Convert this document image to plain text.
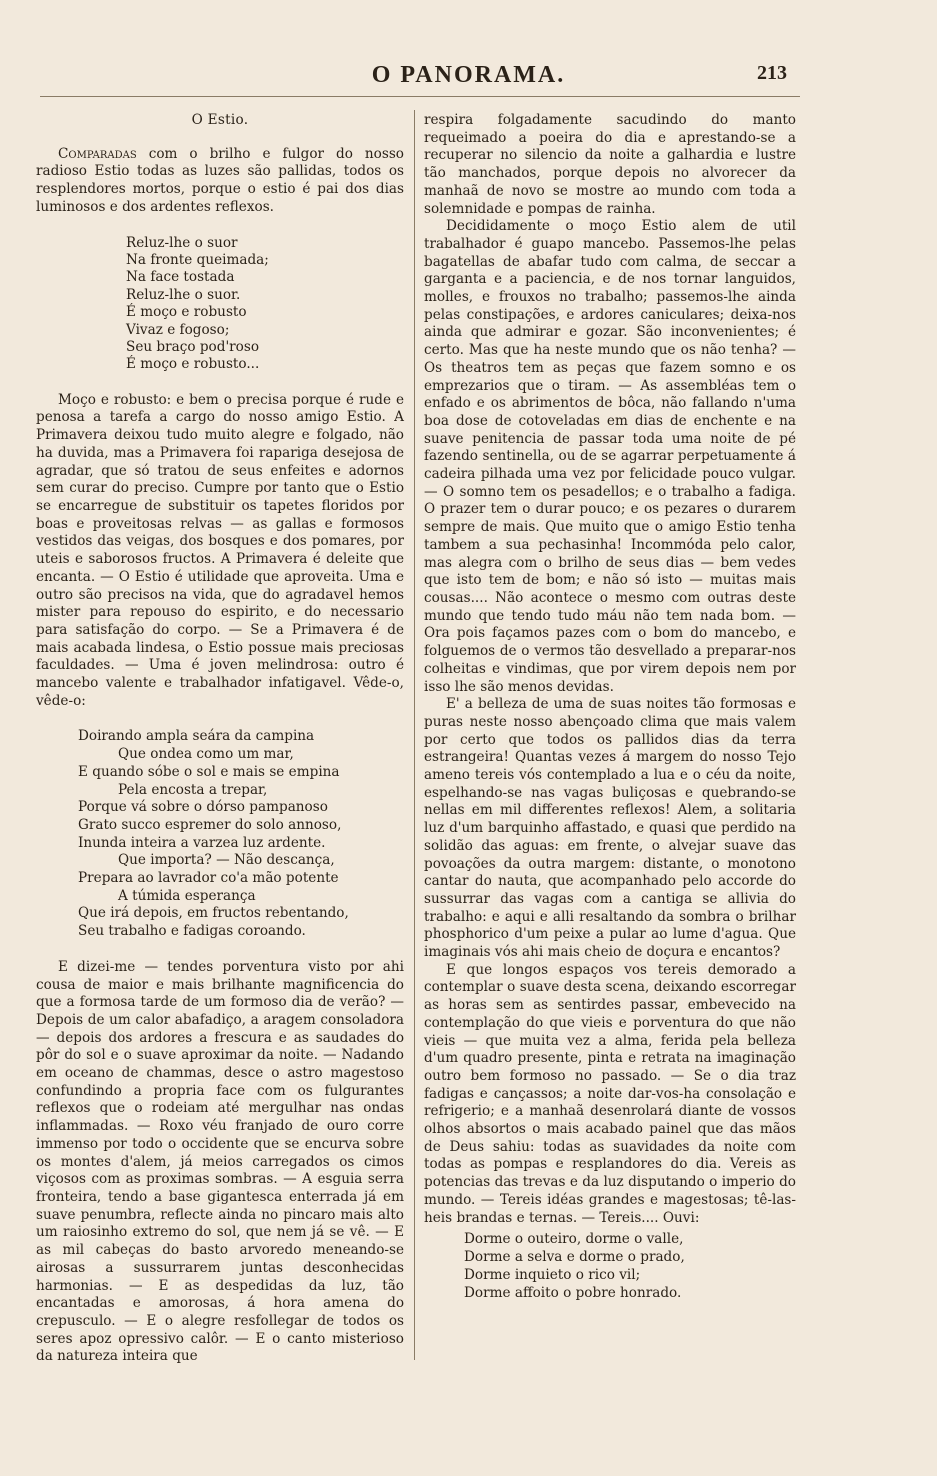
O PANORAMA.	213

O Estio.

Comparadas com o brilho e fulgor do nosso radioso Estio todas as luzes são pallidas, todos os resplendores mortos, porque o estio é pai dos dias luminosos e dos ardentes reflexos.

Reluz-lhe o suor
Na fronte queimada;
Na face tostada
Reluz-lhe o suor.
É moço e robusto
Vivaz e fogoso;
Seu braço pod'roso
É moço e robusto...

Moço e robusto: e bem o precisa porque é rude e penosa a tarefa a cargo do nosso amigo Estio. A Primavera deixou tudo muito alegre e folgado, não ha duvida, mas a Primavera foi rapariga desejosa de agradar, que só tratou de seus enfeites e adornos sem curar do preciso. Cumpre por tanto que o Estio se encarregue de substituir os tapetes floridos por boas e proveitosas relvas — as gallas e formosos vestidos das veigas, dos bosques e dos pomares, por uteis e saborosos fructos. A Primavera é deleite que encanta. — O Estio é utilidade que aproveita. Uma e outro são precisos na vida, que do agradavel hemos mister para repouso do espirito, e do necessario para satisfação do corpo. — Se a Primavera é de mais acabada lindesa, o Estio possue mais preciosas faculdades. — Uma é joven melindrosa: outro é mancebo valente e trabalhador infatigavel. Vêde-o, vêde-o:

Doirando ampla seára da campina
Que ondea como um mar,
E quando sóbe o sol e mais se empina
Pela encosta a trepar,
Porque vá sobre o dórso pampanoso
Grato succo espremer do solo annoso,
Inunda inteira a varzea luz ardente.
Que importa? — Não descança,
Prepara ao lavrador co'a mão potente
A túmida esperança
Que irá depois, em fructos rebentando,
Seu trabalho e fadigas coroando.

E dizei-me — tendes porventura visto por ahi cousa de maior e mais brilhante magnificencia do que a formosa tarde de um formoso dia de verão? — Depois de um calor abafadiço, a aragem consoladora — depois dos ardores a frescura e as saudades do pôr do sol e o suave aproximar da noite. — Nadando em oceano de chammas, desce o astro magestoso confundindo a propria face com os fulgurantes reflexos que o rodeiam até mergulhar nas ondas inflammadas. — Roxo véu franjado de ouro corre immenso por todo o occidente que se encurva sobre os montes d'alem, já meios carregados os cimos viçosos com as proximas sombras. — A esguia serra fronteira, tendo a base gigantesca enterrada já em suave penumbra, reflecte ainda no pincaro mais alto um raiosinho extremo do sol, que nem já se vê. — E as mil cabeças do basto arvoredo meneando-se airosas a sussurrarem juntas desconhecidas harmonias. — E as despedidas da luz, tão encantadas e amorosas, á hora amena do crepusculo. — E o alegre resfollegar de todos os seres apoz opressivo calôr. — E o canto misterioso da natureza inteira que

respira folgadamente sacudindo do manto requeimado a poeira do dia e aprestando-se a recuperar no silencio da noite a galhardia e lustre tão manchados, porque depois no alvorecer da manhaã de novo se mostre ao mundo com toda a solemnidade e pompas de rainha.

Decididamente o moço Estio alem de util trabalhador é guapo mancebo. Passemos-lhe pelas bagatellas de abafar tudo com calma, de seccar a garganta e a paciencia, e de nos tornar languidos, molles, e frouxos no trabalho; passemos-lhe ainda pelas constipações, e ardores caniculares; deixa-nos ainda que admirar e gozar. São inconvenientes; é certo. Mas que ha neste mundo que os não tenha? — Os theatros tem as peças que fazem somno e os emprezarios que o tiram. — As assembléas tem o enfado e os abrimentos de bôca, não fallando n'uma boa dose de cotoveladas em dias de enchente e na suave penitencia de passar toda uma noite de pé fazendo sentinella, ou de se agarrar perpetuamente á cadeira pilhada uma vez por felicidade pouco vulgar. — O somno tem os pesadellos; e o trabalho a fadiga. O prazer tem o durar pouco; e os pezares o durarem sempre de mais. Que muito que o amigo Estio tenha tambem a sua pechasinha! Incommóda pelo calor, mas alegra com o brilho de seus dias — bem vedes que isto tem de bom; e não só isto — muitas mais cousas.... Não acontece o mesmo com outras deste mundo que tendo tudo máu não tem nada bom. — Ora pois façamos pazes com o bom do mancebo, e folguemos de o vermos tão desvellado a preparar-nos colheitas e vindimas, que por virem depois nem por isso lhe são menos devidas.

E' a belleza de uma de suas noites tão formosas e puras neste nosso abençoado clima que mais valem por certo que todos os pallidos dias da terra estrangeira! Quantas vezes á margem do nosso Tejo ameno tereis vós contemplado a lua e o céu da noite, espelhando-se nas vagas buliçosas e quebrando-se nellas em mil differentes reflexos! Alem, a solitaria luz d'um barquinho affastado, e quasi que perdido na solidão das aguas: em frente, o alvejar suave das povoações da outra margem: distante, o monotono cantar do nauta, que acompanhado pelo accorde do sussurrar das vagas com a cantiga se allivia do trabalho: e aqui e alli resaltando da sombra o brilhar phosphorico d'um peixe a pular ao lume d'agua. Que imaginais vós ahi mais cheio de doçura e encantos?

E que longos espaços vos tereis demorado a contemplar o suave desta scena, deixando escorregar as horas sem as sentirdes passar, embevecido na contemplação do que vieis e porventura do que não vieis — que muita vez a alma, ferida pela belleza d'um quadro presente, pinta e retrata na imaginação outro bem formoso no passado. — Se o dia traz fadigas e cançassos; a noite dar-vos-ha consolação e refrigerio; e a manhaã desenrolará diante de vossos olhos absortos o mais acabado painel que das mãos de Deus sahiu: todas as suavidades da noite com todas as pompas e resplandores do dia. Vereis as potencias das trevas e da luz disputando o imperio do mundo. — Tereis idéas grandes e magestosas; tê-las-heis brandas e ternas. — Tereis.... Ouvi:

Dorme o outeiro, dorme o valle,
Dorme a selva e dorme o prado,
Dorme inquieto o rico vil;
Dorme affoito o pobre honrado.
